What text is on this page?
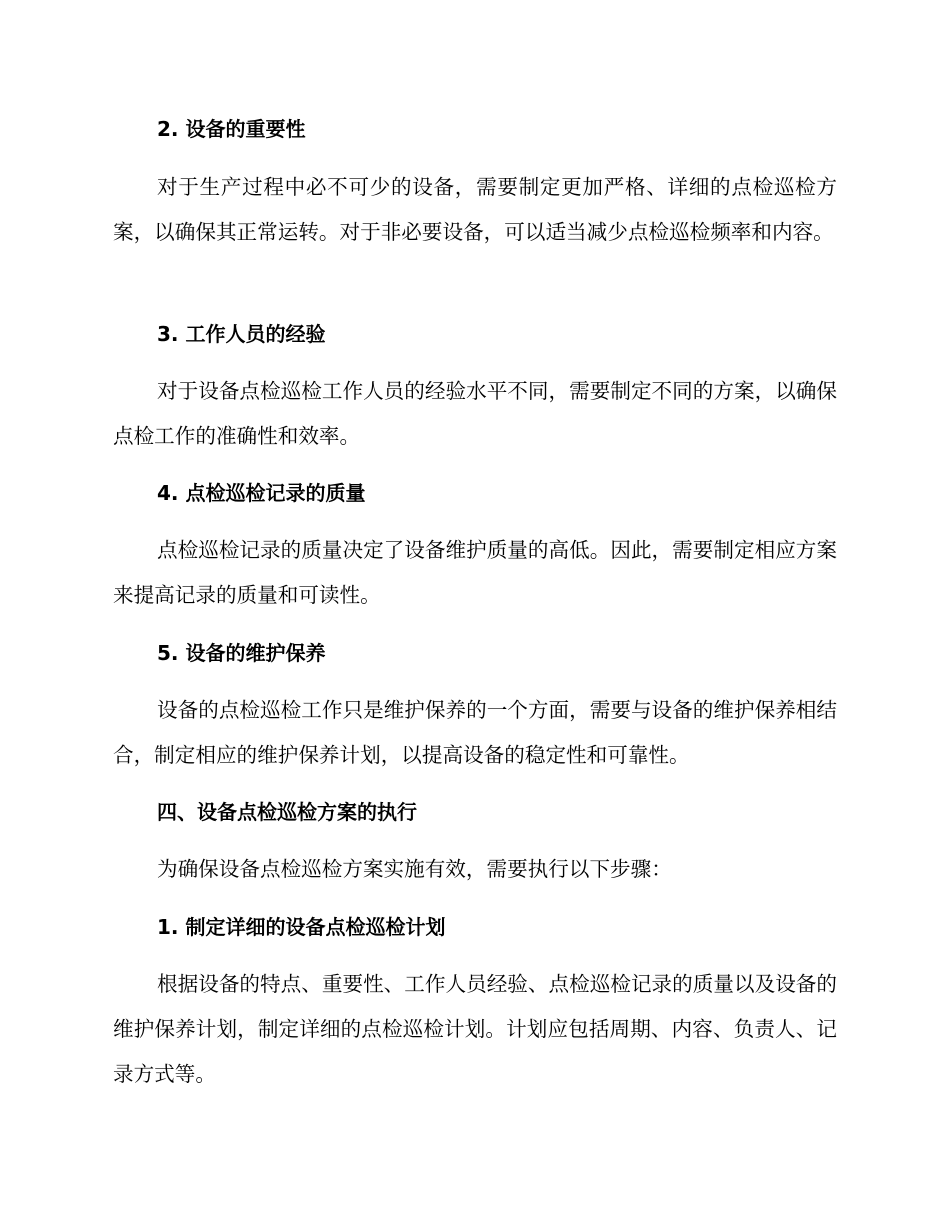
2. 设备的重要性

对于生产过程中必不可少的设备，需要制定更加严格、详细的点检巡检方案，以确保其正常运转。对于非必要设备，可以适当减少点检巡检频率和内容。

3. 工作人员的经验

对于设备点检巡检工作人员的经验水平不同，需要制定不同的方案，以确保点检工作的准确性和效率。

4. 点检巡检记录的质量

点检巡检记录的质量决定了设备维护质量的高低。因此，需要制定相应方案来提高记录的质量和可读性。

5. 设备的维护保养

设备的点检巡检工作只是维护保养的一个方面，需要与设备的维护保养相结合，制定相应的维护保养计划，以提高设备的稳定性和可靠性。

四、设备点检巡检方案的执行

为确保设备点检巡检方案实施有效，需要执行以下步骤：

1. 制定详细的设备点检巡检计划

根据设备的特点、重要性、工作人员经验、点检巡检记录的质量以及设备的维护保养计划，制定详细的点检巡检计划。计划应包括周期、内容、负责人、记录方式等。
